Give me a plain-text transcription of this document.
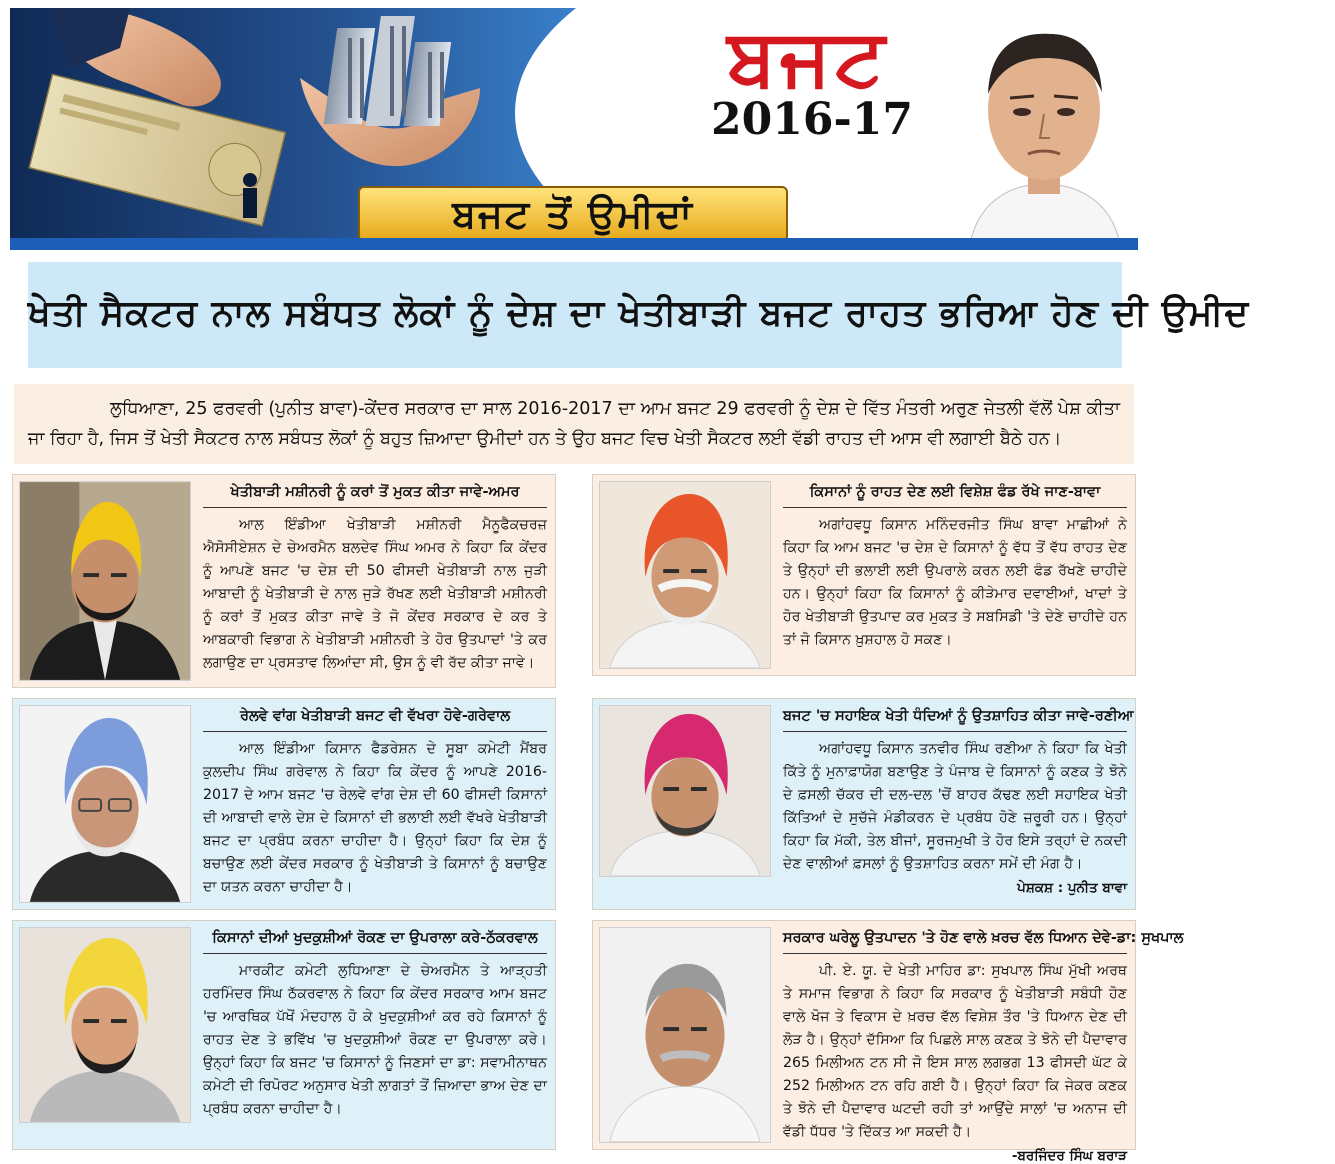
ਬਜਟ
2016-17
ਬਜਟ ਤੋਂ ਉਮੀਦਾਂ
ਖੇਤੀ ਸੈਕਟਰ ਨਾਲ ਸਬੰਧਤ ਲੋਕਾਂ ਨੂੰ ਦੇਸ਼ ਦਾ ਖੇਤੀਬਾੜੀ ਬਜਟ ਰਾਹਤ ਭਰਿਆ ਹੋਣ ਦੀ ਉਮੀਦ

ਲੁਧਿਆਣਾ, 25 ਫਰਵਰੀ (ਪੁਨੀਤ ਬਾਵਾ)-ਕੇਂਦਰ ਸਰਕਾਰ ਦਾ ਸਾਲ 2016-2017 ਦਾ ਆਮ ਬਜਟ 29 ਫਰਵਰੀ ਨੂੰ ਦੇਸ਼ ਦੇ ਵਿੱਤ ਮੰਤਰੀ ਅਰੁਣ ਜੇਤਲੀ ਵੱਲੋਂ ਪੇਸ਼ ਕੀਤਾ ਜਾ ਰਿਹਾ ਹੈ, ਜਿਸ ਤੋਂ ਖੇਤੀ ਸੈਕਟਰ ਨਾਲ ਸਬੰਧਤ ਲੋਕਾਂ ਨੂੰ ਬਹੁਤ ਜ਼ਿਆਦਾ ਉਮੀਦਾਂ ਹਨ ਤੇ ਉਹ ਬਜਟ ਵਿਚ ਖੇਤੀ ਸੈਕਟਰ ਲਈ ਵੱਡੀ ਰਾਹਤ ਦੀ ਆਸ ਵੀ ਲਗਾਈ ਬੈਠੇ ਹਨ।

ਖੇਤੀਬਾੜੀ ਮਸ਼ੀਨਰੀ ਨੂੰ ਕਰਾਂ ਤੋਂ ਮੁਕਤ ਕੀਤਾ ਜਾਵੇ-ਅਮਰ

ਆਲ ਇੰਡੀਆ ਖੇਤੀਬਾੜੀ ਮਸ਼ੀਨਰੀ ਮੈਨੂਫੈਕਚਰਜ਼ ਐਸੋਸੀਏਸ਼ਨ ਦੇ ਚੇਅਰਮੈਨ ਬਲਦੇਵ ਸਿੰਘ ਅਮਰ ਨੇ ਕਿਹਾ ਕਿ ਕੇਂਦਰ ਨੂੰ ਆਪਣੇ ਬਜਟ 'ਚ ਦੇਸ਼ ਦੀ 50 ਫੀਸਦੀ ਖੇਤੀਬਾੜੀ ਨਾਲ ਜੁੜੀ ਆਬਾਦੀ ਨੂੰ ਖੇਤੀਬਾੜੀ ਦੇ ਨਾਲ ਜੁੜੇ ਰੱਖਣ ਲਈ ਖੇਤੀਬਾੜੀ ਮਸ਼ੀਨਰੀ ਨੂੰ ਕਰਾਂ ਤੋਂ ਮੁਕਤ ਕੀਤਾ ਜਾਵੇ ਤੇ ਜੋ ਕੇਂਦਰ ਸਰਕਾਰ ਦੇ ਕਰ ਤੇ ਆਬਕਾਰੀ ਵਿਭਾਗ ਨੇ ਖੇਤੀਬਾੜੀ ਮਸ਼ੀਨਰੀ ਤੇ ਹੋਰ ਉਤਪਾਦਾਂ 'ਤੇ ਕਰ ਲਗਾਉਣ ਦਾ ਪ੍ਰਸਤਾਵ ਲਿਆਂਦਾ ਸੀ, ਉਸ ਨੂੰ ਵੀ ਰੱਦ ਕੀਤਾ ਜਾਵੇ।

ਕਿਸਾਨਾਂ ਨੂੰ ਰਾਹਤ ਦੇਣ ਲਈ ਵਿਸ਼ੇਸ਼ ਫੰਡ ਰੱਖੇ ਜਾਣ-ਬਾਵਾ

ਅਗਾਂਹਵਧੂ ਕਿਸਾਨ ਮਨਿੰਦਰਜੀਤ ਸਿੰਘ ਬਾਵਾ ਮਾਛੀਆਂ ਨੇ ਕਿਹਾ ਕਿ ਆਮ ਬਜਟ 'ਚ ਦੇਸ਼ ਦੇ ਕਿਸਾਨਾਂ ਨੂੰ ਵੱਧ ਤੋਂ ਵੱਧ ਰਾਹਤ ਦੇਣ ਤੇ ਉਨ੍ਹਾਂ ਦੀ ਭਲਾਈ ਲਈ ਉਪਰਾਲੇ ਕਰਨ ਲਈ ਫੰਡ ਰੱਖਣੇ ਚਾਹੀਦੇ ਹਨ। ਉਨ੍ਹਾਂ ਕਿਹਾ ਕਿ ਕਿਸਾਨਾਂ ਨੂੰ ਕੀੜੇਮਾਰ ਦਵਾਈਆਂ, ਖਾਦਾਂ ਤੇ ਹੋਰ ਖੇਤੀਬਾੜੀ ਉਤਪਾਦ ਕਰ ਮੁਕਤ ਤੇ ਸਬਸਿਡੀ 'ਤੇ ਦੇਣੇ ਚਾਹੀਦੇ ਹਨ ਤਾਂ ਜੋ ਕਿਸਾਨ ਖ਼ੁਸ਼ਹਾਲ ਹੋ ਸਕਣ।

ਰੇਲਵੇ ਵਾਂਗ ਖੇਤੀਬਾੜੀ ਬਜਟ ਵੀ ਵੱਖਰਾ ਹੋਵੇ-ਗਰੇਵਾਲ

ਆਲ ਇੰਡੀਆ ਕਿਸਾਨ ਫੈਡਰੇਸ਼ਨ ਦੇ ਸੂਬਾ ਕਮੇਟੀ ਮੈਂਬਰ ਕੁਲਦੀਪ ਸਿੰਘ ਗਰੇਵਾਲ ਨੇ ਕਿਹਾ ਕਿ ਕੇਂਦਰ ਨੂੰ ਆਪਣੇ 2016-2017 ਦੇ ਆਮ ਬਜਟ 'ਚ ਰੇਲਵੇ ਵਾਂਗ ਦੇਸ਼ ਦੀ 60 ਫੀਸਦੀ ਕਿਸਾਨਾਂ ਦੀ ਆਬਾਦੀ ਵਾਲੇ ਦੇਸ਼ ਦੇ ਕਿਸਾਨਾਂ ਦੀ ਭਲਾਈ ਲਈ ਵੱਖਰੇ ਖੇਤੀਬਾੜੀ ਬਜਟ ਦਾ ਪ੍ਰਬੰਧ ਕਰਨਾ ਚਾਹੀਦਾ ਹੈ। ਉਨ੍ਹਾਂ ਕਿਹਾ ਕਿ ਦੇਸ਼ ਨੂੰ ਬਚਾਉਣ ਲਈ ਕੇਂਦਰ ਸਰਕਾਰ ਨੂੰ ਖੇਤੀਬਾੜੀ ਤੇ ਕਿਸਾਨਾਂ ਨੂੰ ਬਚਾਉਣ ਦਾ ਯਤਨ ਕਰਨਾ ਚਾਹੀਦਾ ਹੈ।

ਬਜਟ 'ਚ ਸਹਾਇਕ ਖੇਤੀ ਧੰਦਿਆਂ ਨੂੰ ਉਤਸ਼ਾਹਿਤ ਕੀਤਾ ਜਾਵੇ-ਰਣੀਆ

ਅਗਾਂਹਵਧੂ ਕਿਸਾਨ ਤਨਵੀਰ ਸਿੰਘ ਰਣੀਆ ਨੇ ਕਿਹਾ ਕਿ ਖੇਤੀ ਕਿੱਤੇ ਨੂੰ ਮੁਨਾਫ਼ਾਯੋਗ ਬਣਾਉਣ ਤੇ ਪੰਜਾਬ ਦੇ ਕਿਸਾਨਾਂ ਨੂੰ ਕਣਕ ਤੇ ਝੋਨੇ ਦੇ ਫ਼ਸਲੀ ਚੱਕਰ ਦੀ ਦਲ-ਦਲ 'ਚੋਂ ਬਾਹਰ ਕੱਢਣ ਲਈ ਸਹਾਇਕ ਖੇਤੀ ਕਿੱਤਿਆਂ ਦੇ ਸੁਚੱਜੇ ਮੰਡੀਕਰਨ ਦੇ ਪ੍ਰਬੰਧ ਹੋਣੇ ਜ਼ਰੂਰੀ ਹਨ। ਉਨ੍ਹਾਂ ਕਿਹਾ ਕਿ ਮੱਕੀ, ਤੇਲ ਬੀਜਾਂ, ਸੂਰਜਮੁਖੀ ਤੇ ਹੋਰ ਇਸੇ ਤਰ੍ਹਾਂ ਦੇ ਨਕਦੀ ਦੇਣ ਵਾਲੀਆਂ ਫ਼ਸਲਾਂ ਨੂੰ ਉਤਸ਼ਾਹਿਤ ਕਰਨਾ ਸਮੇਂ ਦੀ ਮੰਗ ਹੈ।

ਪੇਸ਼ਕਸ਼ : ਪੁਨੀਤ ਬਾਵਾ
ਕਿਸਾਨਾਂ ਦੀਆਂ ਖੁਦਕੁਸ਼ੀਆਂ ਰੋਕਣ ਦਾ ਉਪਰਾਲਾ ਕਰੇ-ਠੱਕਰਵਾਲ

ਮਾਰਕੀਟ ਕਮੇਟੀ ਲੁਧਿਆਣਾ ਦੇ ਚੇਅਰਮੈਨ ਤੇ ਆੜ੍ਹਤੀ ਹਰਮਿੰਦਰ ਸਿੰਘ ਠੱਕਰਵਾਲ ਨੇ ਕਿਹਾ ਕਿ ਕੇਂਦਰ ਸਰਕਾਰ ਆਮ ਬਜਟ 'ਚ ਆਰਥਿਕ ਪੱਖੋਂ ਮੰਦਹਾਲ ਹੋ ਕੇ ਖੁਦਕੁਸ਼ੀਆਂ ਕਰ ਰਹੇ ਕਿਸਾਨਾਂ ਨੂੰ ਰਾਹਤ ਦੇਣ ਤੇ ਭਵਿੱਖ 'ਚ ਖੁਦਕੁਸ਼ੀਆਂ ਰੋਕਣ ਦਾ ਉਪਰਾਲਾ ਕਰੇ। ਉਨ੍ਹਾਂ ਕਿਹਾ ਕਿ ਬਜਟ 'ਚ ਕਿਸਾਨਾਂ ਨੂੰ ਜਿਣਸਾਂ ਦਾ ਡਾ: ਸਵਾਮੀਨਾਥਨ ਕਮੇਟੀ ਦੀ ਰਿਪੋਰਟ ਅਨੁਸਾਰ ਖੇਤੀ ਲਾਗਤਾਂ ਤੋਂ ਜ਼ਿਆਦਾ ਭਾਅ ਦੇਣ ਦਾ ਪ੍ਰਬੰਧ ਕਰਨਾ ਚਾਹੀਦਾ ਹੈ।

ਸਰਕਾਰ ਘਰੇਲੂ ਉਤਪਾਦਨ 'ਤੇ ਹੋਣ ਵਾਲੇ ਖ਼ਰਚ ਵੱਲ ਧਿਆਨ ਦੇਵੇ-ਡਾ: ਸੁਖਪਾਲ

ਪੀ. ਏ. ਯੂ. ਦੇ ਖੇਤੀ ਮਾਹਿਰ ਡਾ: ਸੁਖਪਾਲ ਸਿੰਘ ਮੁੱਖੀ ਅਰਥ ਤੇ ਸਮਾਜ ਵਿਭਾਗ ਨੇ ਕਿਹਾ ਕਿ ਸਰਕਾਰ ਨੂੰ ਖੇਤੀਬਾੜੀ ਸਬੰਧੀ ਹੋਣ ਵਾਲੇ ਖੋਜ ਤੇ ਵਿਕਾਸ ਦੇ ਖ਼ਰਚ ਵੱਲ ਵਿਸ਼ੇਸ਼ ਤੌਰ 'ਤੇ ਧਿਆਨ ਦੇਣ ਦੀ ਲੋੜ ਹੈ। ਉਨ੍ਹਾਂ ਦੱਸਿਆ ਕਿ ਪਿਛਲੇ ਸਾਲ ਕਣਕ ਤੇ ਝੋਨੇ ਦੀ ਪੈਦਾਵਾਰ 265 ਮਿਲੀਅਨ ਟਨ ਸੀ ਜੋ ਇਸ ਸਾਲ ਲਗਭਗ 13 ਫੀਸਦੀ ਘੱਟ ਕੇ 252 ਮਿਲੀਅਨ ਟਨ ਰਹਿ ਗਈ ਹੈ। ਉਨ੍ਹਾਂ ਕਿਹਾ ਕਿ ਜੇਕਰ ਕਣਕ ਤੇ ਝੋਨੇ ਦੀ ਪੈਦਾਵਾਰ ਘਟਦੀ ਰਹੀ ਤਾਂ ਆਉਂਦੇ ਸਾਲਾਂ 'ਚ ਅਨਾਜ ਦੀ ਵੱਡੀ ਧੱਧਰ 'ਤੇ ਦਿੱਕਤ ਆ ਸਕਦੀ ਹੈ।

-ਬਰਜਿੰਦਰ ਸਿੰਘ ਬਰਾੜ
